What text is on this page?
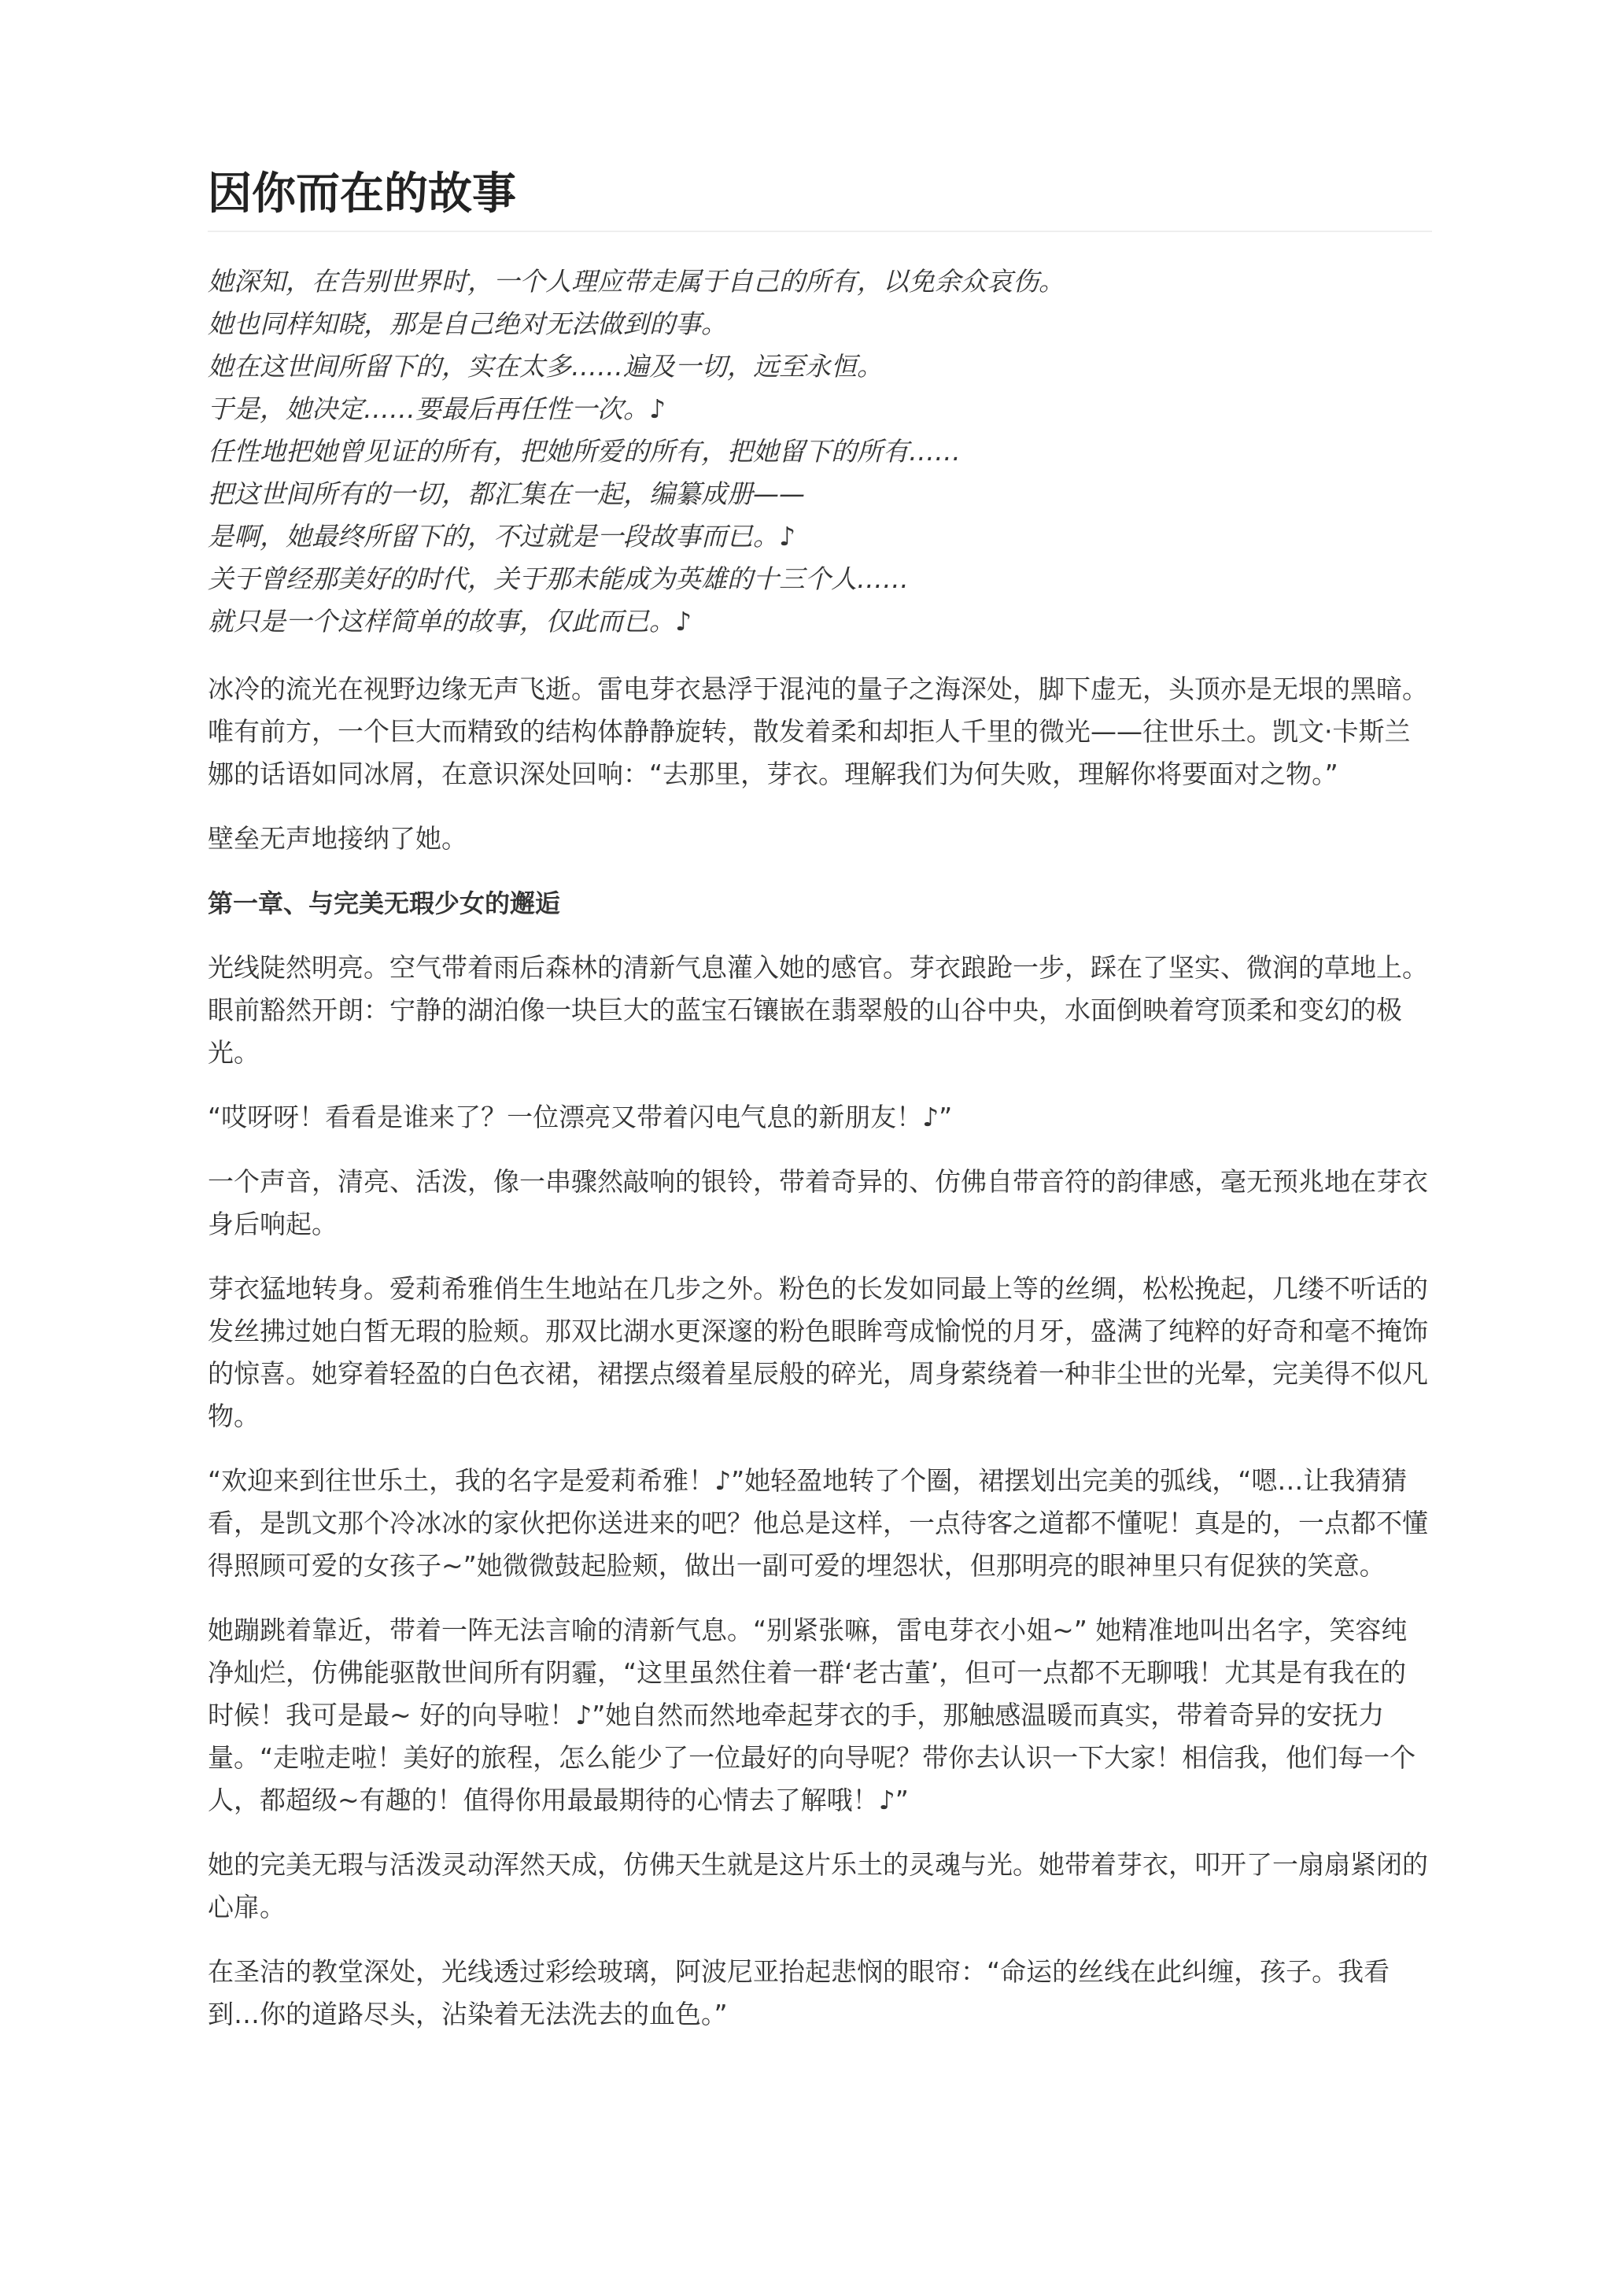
因你而在的故事
她深知，在告别世界时，一个人理应带走属于自己的所有，以免余众哀伤。
她也同样知晓，那是自己绝对无法做到的事。
她在这世间所留下的，实在太多……遍及一切，远至永恒。
于是，她决定……要最后再任性一次。♪
任性地把她曾见证的所有，把她所爱的所有，把她留下的所有……
把这世间所有的一切，都汇集在一起，编纂成册——
是啊，她最终所留下的，不过就是一段故事而已。♪
关于曾经那美好的时代，关于那未能成为英雄的十三个人……
就只是一个这样简单的故事，仅此而已。♪

冰冷的流光在视野边缘无声飞逝。雷电芽衣悬浮于混沌的量子之海深处，脚下虚无，头顶亦是无垠的黑暗。唯有前方，一个巨大而精致的结构体静静旋转，散发着柔和却拒人千里的微光——往世乐土。凯文·卡斯兰娜的话语如同冰屑，在意识深处回响：“去那里，芽衣。理解我们为何失败，理解你将要面对之物。”

壁垒无声地接纳了她。

第一章、与完美无瑕少女的邂逅

光线陡然明亮。空气带着雨后森林的清新气息灌入她的感官。芽衣踉跄一步，踩在了坚实、微润的草地上。眼前豁然开朗：宁静的湖泊像一块巨大的蓝宝石镶嵌在翡翠般的山谷中央，水面倒映着穹顶柔和变幻的极光。

“哎呀呀！看看是谁来了？一位漂亮又带着闪电气息的新朋友！♪”

一个声音，清亮、活泼，像一串骤然敲响的银铃，带着奇异的、仿佛自带音符的韵律感，毫无预兆地在芽衣身后响起。

芽衣猛地转身。爱莉希雅俏生生地站在几步之外。粉色的长发如同最上等的丝绸，松松挽起，几缕不听话的发丝拂过她白皙无瑕的脸颊。那双比湖水更深邃的粉色眼眸弯成愉悦的月牙，盛满了纯粹的好奇和毫不掩饰的惊喜。她穿着轻盈的白色衣裙，裙摆点缀着星辰般的碎光，周身萦绕着一种非尘世的光晕，完美得不似凡物。

“欢迎来到往世乐土，我的名字是爱莉希雅！♪”她轻盈地转了个圈，裙摆划出完美的弧线，“嗯…让我猜猜看，是凯文那个冷冰冰的家伙把你送进来的吧？他总是这样，一点待客之道都不懂呢！真是的，一点都不懂得照顾可爱的女孩子~”她微微鼓起脸颊，做出一副可爱的埋怨状，但那明亮的眼神里只有促狭的笑意。

她蹦跳着靠近，带着一阵无法言喻的清新气息。“别紧张嘛，雷电芽衣小姐~” 她精准地叫出名字，笑容纯净灿烂，仿佛能驱散世间所有阴霾，“这里虽然住着一群‘老古董’，但可一点都不无聊哦！尤其是有我在的时候！我可是最~ 好的向导啦！♪”她自然而然地牵起芽衣的手，那触感温暖而真实，带着奇异的安抚力量。“走啦走啦！美好的旅程，怎么能少了一位最好的向导呢？带你去认识一下大家！相信我，他们每一个人，都超级~有趣的！值得你用最最期待的心情去了解哦！♪”

她的完美无瑕与活泼灵动浑然天成，仿佛天生就是这片乐土的灵魂与光。她带着芽衣，叩开了一扇扇紧闭的心扉。

在圣洁的教堂深处，光线透过彩绘玻璃，阿波尼亚抬起悲悯的眼帘：“命运的丝线在此纠缠，孩子。我看到…你的道路尽头，沾染着无法洗去的血色。”
